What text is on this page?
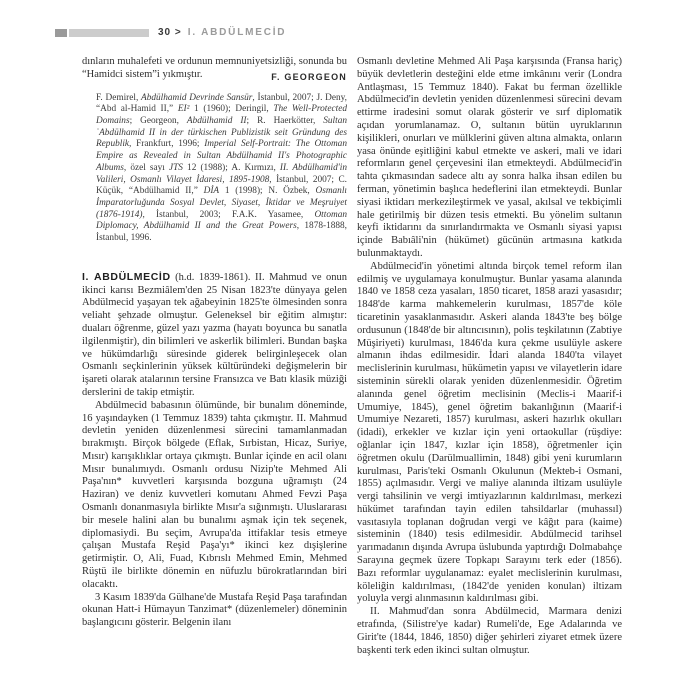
30 > I. ABDÜLMECİD

dınların muhalefeti ve ordunun memnuniyetsizliği, sonunda bu “Hamidci sistem”i yıkmıştır.	F. GEORGEON

F. Demirel, Abdülhamid Devrinde Sansür, İstanbul, 2007; J. Deny, “Abd al-Hamid II,” EI² 1 (1960); Deringil, The Well-Protected Domains; Georgeon, Abdülhamid II; R. Haerkötter, Sultan ʿAbdülhamid II in der türkischen Publizistik seit Gründung des Republik, Frankfurt, 1996; Imperial Self-Portrait: The Ottoman Empire as Revealed in Sultan Abdülhamid II's Photographic Albums, özel sayı JTS 12 (1988); A. Kırmızı, II. Abdülhamid'in Valileri, Osmanlı Vilayet İdaresi, 1895-1908, İstanbul, 2007; C. Küçük, “Abdülhamid II,” DİA 1 (1998); N. Özbek, Osmanlı İmparatorluğunda Sosyal Devlet, Siyaset, İktidar ve Meşruiyet (1876-1914), İstanbul, 2003; F.A.K. Yasamee, Ottoman Diplomacy, Abdülhamid II and the Great Powers, 1878-1888, İstanbul, 1996.

I. ABDÜLMECİD (h.d. 1839-1861). II. Mahmud ve onun ikinci karısı Bezmiâlem'den 25 Nisan 1823'te dünyaya gelen Abdülmecid yaşayan tek ağabeyinin 1825'te ölmesinden sonra veliaht şehzade olmuştur. Geleneksel bir eğitim almıştır: duaları öğrenme, güzel yazı yazma (hayatı boyunca bu sanatla ilgilenmiştir), din bilimleri ve askerlik bilimleri. Bundan başka ve hükümdarlığı süresinde giderek belirginleşecek olan Osmanlı seçkinlerinin yüksek kültüründeki değişmelerin bir işareti olarak atalarının tersine Fransızca ve Batı klasik müziği derslerini de takip etmiştir.

Abdülmecid babasının ölümünde, bir bunalım döneminde, 16 yaşındayken (1 Temmuz 1839) tahta çıkmıştır. II. Mahmud devletin yeniden düzenlenmesi sürecini tamamlanmadan bırakmıştı. Birçok bölgede (Eflak, Sırbistan, Hicaz, Suriye, Mısır) karışıklıklar ortaya çıkmıştı. Bunlar içinde en acil olanı Mısır bunalımıydı. Osmanlı ordusu Nizip'te Mehmed Ali Paşa'nın* kuvvetleri karşısında bozguna uğramıştı (24 Haziran) ve deniz kuvvetleri komutanı Ahmed Fevzi Paşa Osmanlı donanmasıyla birlikte Mısır'a sığınmıştı. Uluslararası bir mesele halini alan bu bunalımı aşmak için tek seçenek, diplomasiydi. Bu seçim, Avrupa'da ittifaklar tesis etmeye çalışan Mustafa Reşid Paşa'yı* ikinci kez dışişlerine getirmiştir. O, Ali, Fuad, Kıbrıslı Mehmed Emin, Mehmed Rüştü ile birlikte dönemin en nüfuzlu bürokratlarından biri olacaktı.

3 Kasım 1839'da Gülhane'de Mustafa Reşid Paşa tarafından okunan Hatt-i Hümayun Tanzimat* (düzenlemeler) döneminin başlangıcını gösterir. Belgenin ilanı

Osmanlı devletine Mehmed Ali Paşa karşısında (Fransa hariç) büyük devletlerin desteğini elde etme imkânını verir (Londra Antlaşması, 15 Temmuz 1840). Fakat bu ferman özellikle Abdülmecid'in devletin yeniden düzenlenmesi sürecini devam ettirme iradesini somut olarak gösterir ve sırf diplomatik açıdan yorumlanamaz. O, sultanın bütün uyruklarının kişilikleri, onurları ve mülklerini güven altına almakta, onların yasa önünde eşitliğini kabul etmekte ve askeri, mali ve idari reformların genel çerçevesini ilan etmekteydi. Abdülmecid'in tahta çıkmasından sadece altı ay sonra halka ihsan edilen bu ferman, yönetimin başlıca hedeflerini ilan etmekteydi. Bunlar siyasi iktidarı merkezileştirmek ve yasal, akılsal ve tekbiçimli hale getirilmiş bir düzen tesis etmekti. Bu yönelim sultanın keyfi iktidarını da sınırlandırmakta ve Osmanlı siyasi yapısı içinde Babıâli'nin (hükümet) gücünün artmasına katkıda bulunmaktaydı.

Abdülmecid'in yönetimi altında birçok temel reform ilan edilmiş ve uygulamaya konulmuştur. Bunlar yasama alanında 1840 ve 1858 ceza yasaları, 1850 ticaret, 1858 arazi yasasıdır; 1848'de karma mahkemelerin kurulması, 1857'de köle ticaretinin yasaklanmasıdır. Askeri alanda 1843'te beş bölge ordusunun (1848'de bir altıncısının), polis teşkilatının (Zabtiye Müşiriyeti) kurulması, 1846'da kura çekme usulüyle askere almanın ihdas edilmesidir. İdari alanda 1840'ta vilayet meclislerinin kurulması, hükümetin yapısı ve vilayetlerin idare sisteminin sürekli olarak yeniden düzenlenmesidir. Öğretim alanında genel öğretim meclisinin (Meclis-i Maarif-i Umumiye, 1845), genel öğretim bakanlığının (Maarif-i Umumiye Nezareti, 1857) kurulması, askeri hazırlık okulları (idadi), erkekler ve kızlar için yeni ortaokullar (rüşdiye: oğlanlar için 1847, kızlar için 1858), öğretmenler için öğretmen okulu (Darülmuallimin, 1848) gibi yeni kurumların kurulması, Paris'teki Osmanlı Okulunun (Mekteb-i Osmani, 1855) açılmasıdır. Vergi ve maliye alanında iltizam usulüyle vergi tahsilinin ve vergi imtiyazlarının kaldırılması, merkezi hükümet tarafından tayin edilen tahsildarlar (muhassıl) vasıtasıyla toplanan doğrudan vergi ve kâğıt para (kaime) sisteminin (1840) tesis edilmesidir. Abdülmecid tarihsel yarımadanın dışında Avrupa üslubunda yaptırdığı Dolmabahçe Sarayına geçmek üzere Topkapı Sarayını terk eder (1856). Bazı reformlar uygulanamaz: eyalet meclislerinin kurulması, köleliğin kaldırılması, (1842'de yeniden konulan) iltizam yoluyla vergi alınmasının kaldırılması gibi.

II. Mahmud'dan sonra Abdülmecid, Marmara denizi etrafında, (Silistre'ye kadar) Rumeli'de, Ege Adalarında ve Girit'te (1844, 1846, 1850) diğer şehirleri ziyaret etmek üzere başkenti terk eden ikinci sultan olmuştur.
